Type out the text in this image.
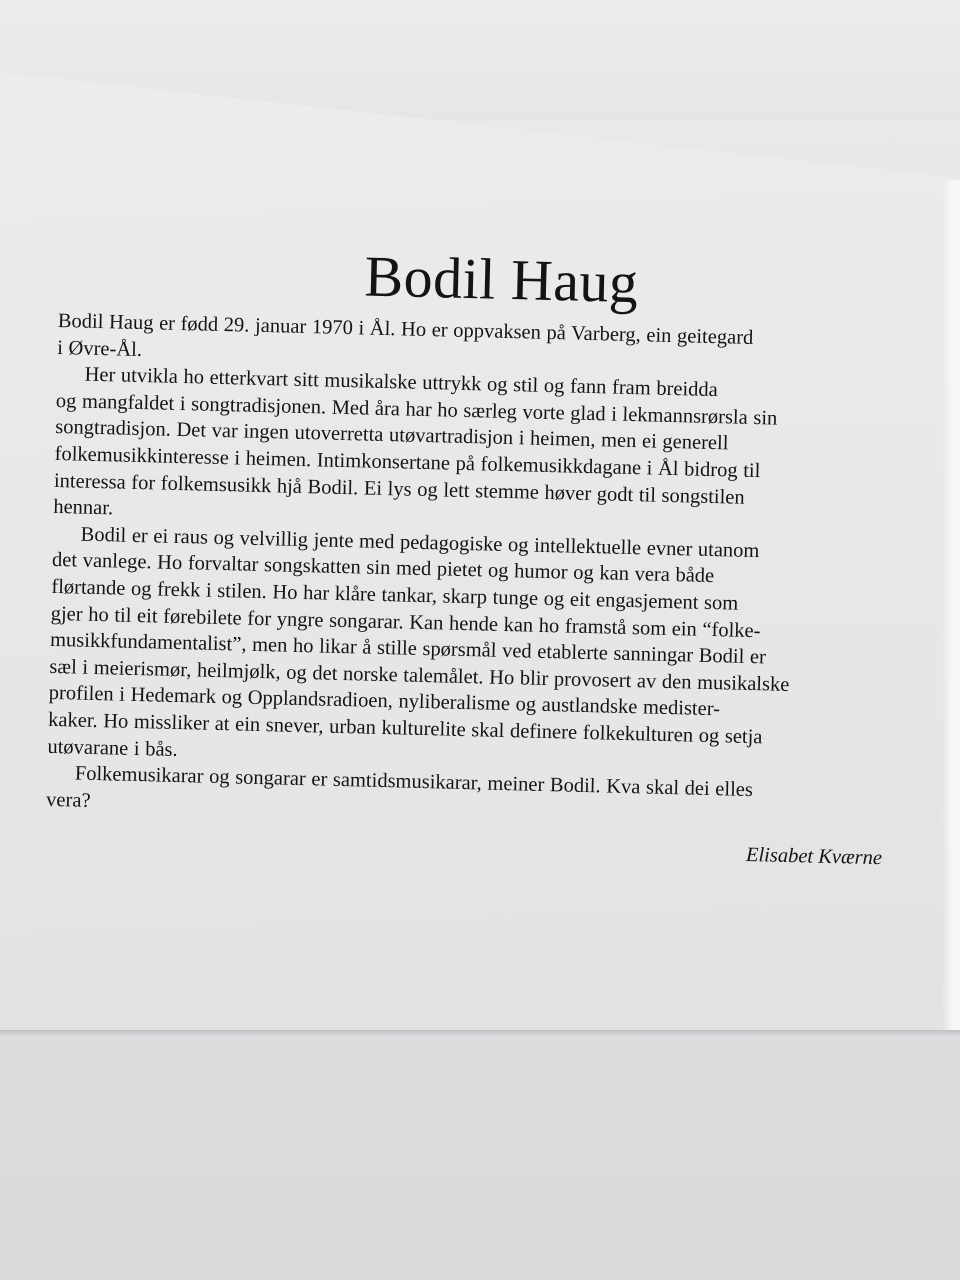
Bodil Haug

Bodil Haug er fødd 29. januar 1970 i Ål. Ho er oppvaksen på Varberg, ein geitegard
i Øvre-Ål.

Her utvikla ho etterkvart sitt musikalske uttrykk og stil og fann fram breidda
og mangfaldet i songtradisjonen. Med åra har ho særleg vorte glad i lekmannsrørsla sin
songtradisjon. Det var ingen utoverretta utøvartradisjon i heimen, men ei generell
folkemusikkinteresse i heimen. Intimkonsertane på folkemusikkdagane i Ål bidrog til
interessa for folkemsusikk hjå Bodil. Ei lys og lett stemme høver godt til songstilen
hennar.

Bodil er ei raus og velvillig jente med pedagogiske og intellektuelle evner utanom
det vanlege. Ho forvaltar songskatten sin med pietet og humor og kan vera både
flørtande og frekk i stilen. Ho har klåre tankar, skarp tunge og eit engasjement som
gjer ho til eit førebilete for yngre songarar. Kan hende kan ho framstå som ein “folke-
musikkfundamentalist”, men ho likar å stille spørsmål ved etablerte sanningar Bodil er
sæl i meierismør, heilmjølk, og det norske talemålet. Ho blir provosert av den musikalske
profilen i Hedemark og Opplandsradioen, nyliberalisme og austlandske medister-
kaker. Ho missliker at ein snever, urban kulturelite skal definere folkekulturen og setja
utøvarane i bås.

Folkemusikarar og songarar er samtidsmusikarar, meiner Bodil. Kva skal dei elles
vera?

Elisabet Kværne
